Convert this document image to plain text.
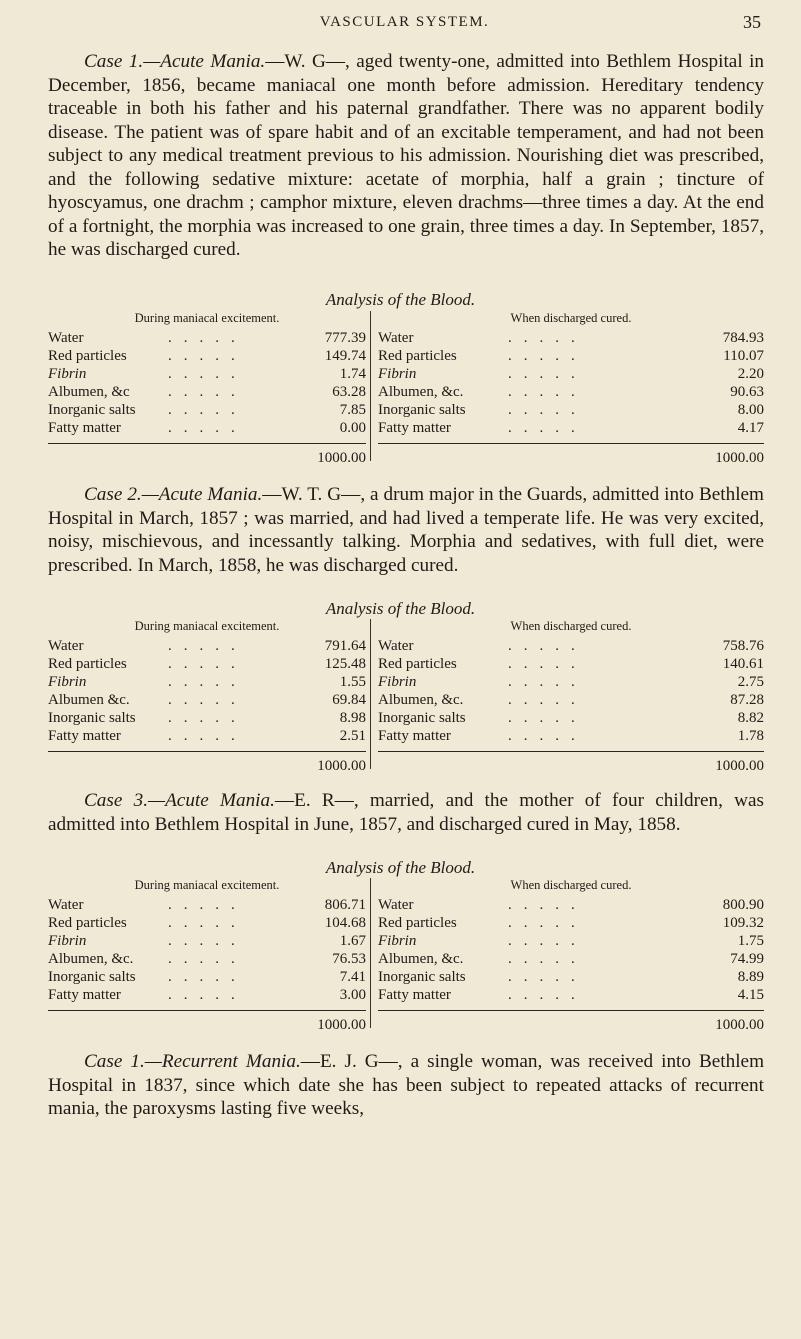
VASCULAR SYSTEM.	35

Case 1.—Acute Mania.—W. G—, aged twenty-one, admitted into Bethlem Hospital in December, 1856, became maniacal one month before admission. Hereditary tendency traceable in both his father and his paternal grandfather. There was no apparent bodily disease. The patient was of spare habit and of an excitable temperament, and had not been subject to any medical treatment previous to his admission. Nourishing diet was prescribed, and the following sedative mixture: acetate of morphia, half a grain ; tincture of hyoscyamus, one drachm ; camphor mixture, eleven drachms—three times a day. At the end of a fortnight, the morphia was increased to one grain, three times a day. In September, 1857, he was discharged cured.

Analysis of the Blood.
During maniacal excitement.
Water	.....	777.39
Red particles	.....	149.74
Fibrin	.....	1.74
Albumen, &c	.....	63.28
Inorganic salts .....	7.85
Fatty matter	.....	0.00
1000.00
When discharged cured.
Water	.....	784.93
Red particles	.....	110.07
Fibrin	.....	2.20
Albumen, &c.	.....	90.63
Inorganic salts	.....	8.00
Fatty matter	.....	4.17
1000.00

Case 2.—Acute Mania.—W. T. G—, a drum major in the Guards, admitted into Bethlem Hospital in March, 1857 ; was married, and had lived a temperate life. He was very excited, noisy, mischievous, and incessantly talking. Morphia and sedatives, with full diet, were prescribed. In March, 1858, he was discharged cured.

Analysis of the Blood.
During maniacal excitement.
Water	.....	791.64
Red particles	.....	125.48
Fibrin	.....	1.55
Albumen &c.	.....	69.84
Inorganic salts .....	8.98
Fatty matter	.....	2.51
1000.00
When discharged cured.
Water	.....	758.76
Red particles	.....	140.61
Fibrin	.....	2.75
Albumen, &c.	.....	87.28
Inorganic salts	.....	8.82
Fatty matter	.....	1.78
1000.00

Case 3.—Acute Mania.—E. R—, married, and the mother of four children, was admitted into Bethlem Hospital in June, 1857, and discharged cured in May, 1858.

Analysis of the Blood.
During maniacal excitement.
Water	.....	806.71
Red particles	.....	104.68
Fibrin	.....	1.67
Albumen, &c. .....	76.53
Inorganic salts .....	7.41
Fatty matter	.....	3.00
1000.00
When discharged cured.
Water	.....	800.90
Red particles	.....	109.32
Fibrin	.....	1.75
Albumen, &c.	.....	74.99
Inorganic salts	.....	8.89
Fatty matter	.....	4.15
1000.00

Case 1.—Recurrent Mania.—E. J. G—, a single woman, was received into Bethlem Hospital in 1837, since which date she has been subject to repeated attacks of recurrent mania, the paroxysms lasting five weeks,
